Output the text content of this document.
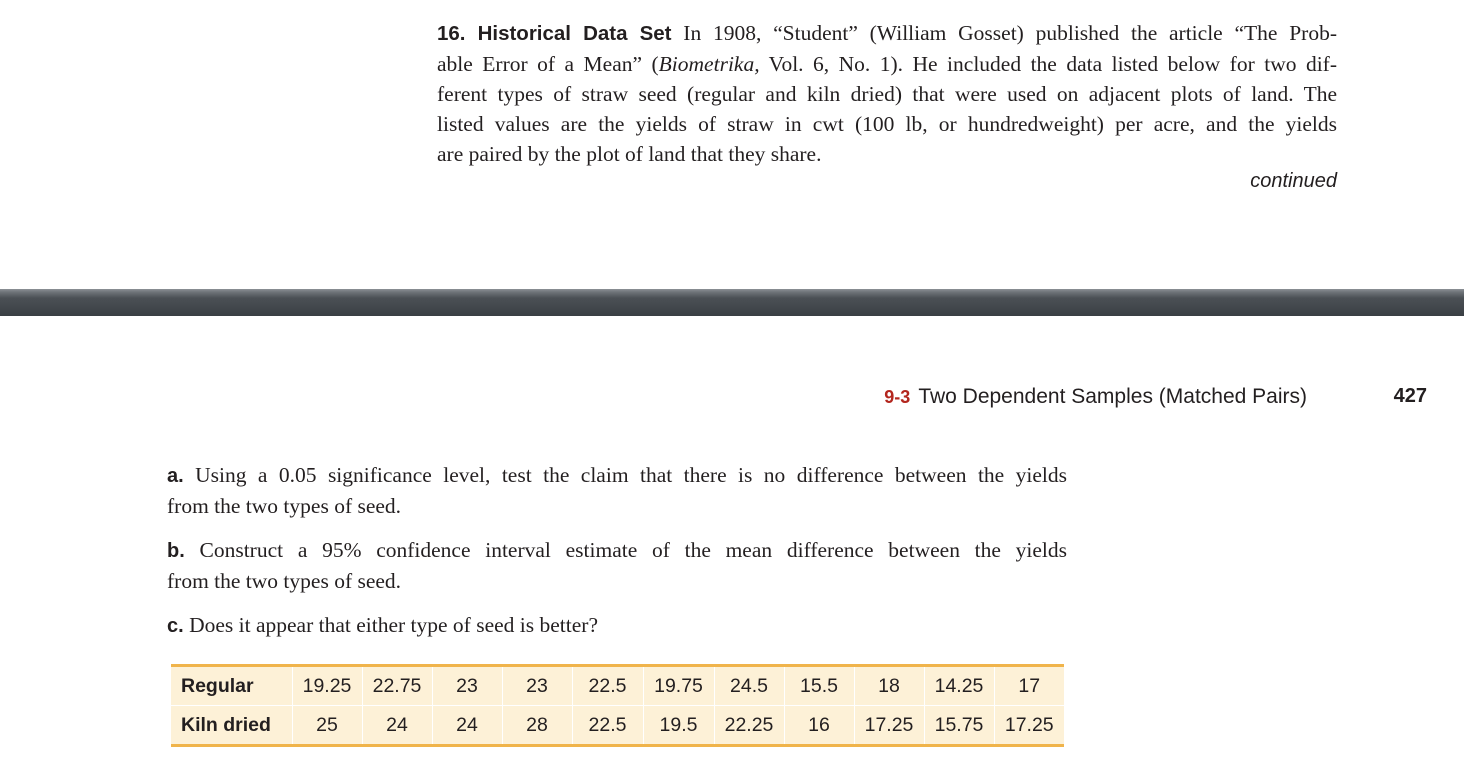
16. Historical Data Set In 1908, “Student” (William Gosset) published the article “The Prob-
able Error of a Mean” (Biometrika, Vol. 6, No. 1). He included the data listed below for two dif-
ferent types of straw seed (regular and kiln dried) that were used on adjacent plots of land. The
listed values are the yields of straw in cwt (100 lb, or hundredweight) per acre, and the yields
are paired by the plot of land that they share.
continued
9-3 Two Dependent Samples (Matched Pairs)	427
a. Using a 0.05 significance level, test the claim that there is no difference between the yields
from the two types of seed.
b. Construct a 95% confidence interval estimate of the mean difference between the yields
from the two types of seed.
c. Does it appear that either type of seed is better?
Regular	19.25	22.75	23	23	22.5	19.75	24.5	15.5	18	14.25	17
Kiln dried	25	24	24	28	22.5	19.5	22.25	16	17.25	15.75	17.25
